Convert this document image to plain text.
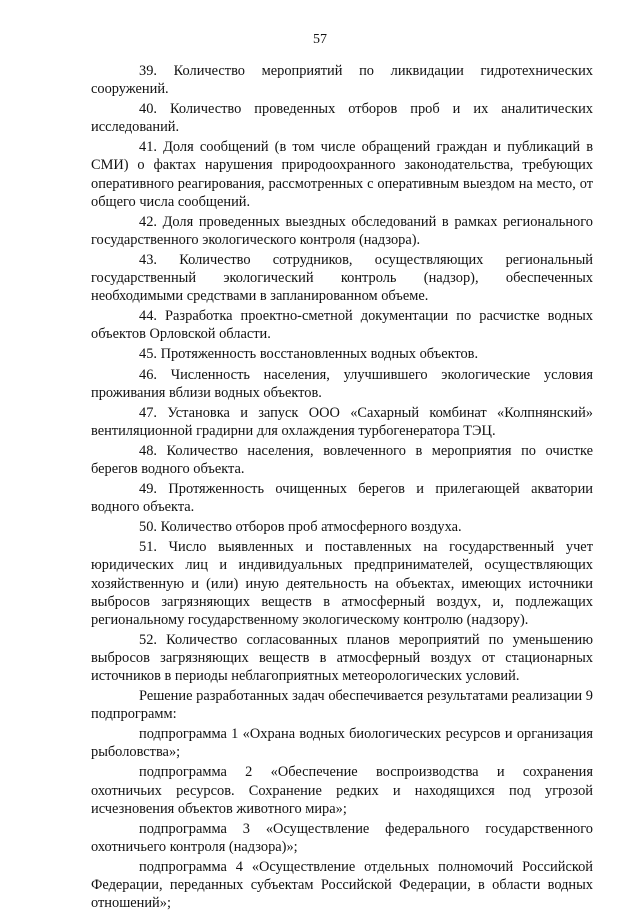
57

39. Количество мероприятий по ликвидации гидротехнических сооружений.

40. Количество проведенных отборов проб и их аналитических исследований.

41. Доля сообщений (в том числе обращений граждан и публикаций в СМИ) о фактах нарушения природоохранного законодательства, требующих оперативного реагирования, рассмотренных с оперативным выездом на место, от общего числа сообщений.

42. Доля проведенных выездных обследований в рамках регионального государственного экологического контроля (надзора).

43. Количество сотрудников, осуществляющих региональный государственный экологический контроль (надзор), обеспеченных необходимыми средствами в запланированном объеме.

44. Разработка проектно-сметной документации по расчистке водных объектов Орловской области.

45. Протяженность восстановленных водных объектов.

46. Численность населения, улучшившего экологические условия проживания вблизи водных объектов.

47. Установка и запуск ООО «Сахарный комбинат «Колпнянский» вентиляционной градирни для охлаждения турбогенератора ТЭЦ.

48. Количество населения, вовлеченного в мероприятия по очистке берегов водного объекта.

49. Протяженность очищенных берегов и прилегающей акватории водного объекта.

50. Количество отборов проб атмосферного воздуха.

51. Число выявленных и поставленных на государственный учет юридических лиц и индивидуальных предпринимателей, осуществляющих хозяйственную и (или) иную деятельность на объектах, имеющих источники выбросов загрязняющих веществ в атмосферный воздух, и, подлежащих региональному государственному экологическому контролю (надзору).

52. Количество согласованных планов мероприятий по уменьшению выбросов загрязняющих веществ в атмосферный воздух от стационарных источников в периоды неблагоприятных метеорологических условий.

Решение разработанных задач обеспечивается результатами реализации 9 подпрограмм:

подпрограмма 1 «Охрана водных биологических ресурсов и организация рыболовства»;

подпрограмма 2 «Обеспечение воспроизводства и сохранения охотничьих ресурсов. Сохранение редких и находящихся под угрозой исчезновения объектов животного мира»;

подпрограмма 3 «Осуществление федерального государственного охотничьего контроля (надзора)»;

подпрограмма 4 «Осуществление отдельных полномочий Российской Федерации, переданных субъектам Российской Федерации, в области водных отношений»;
